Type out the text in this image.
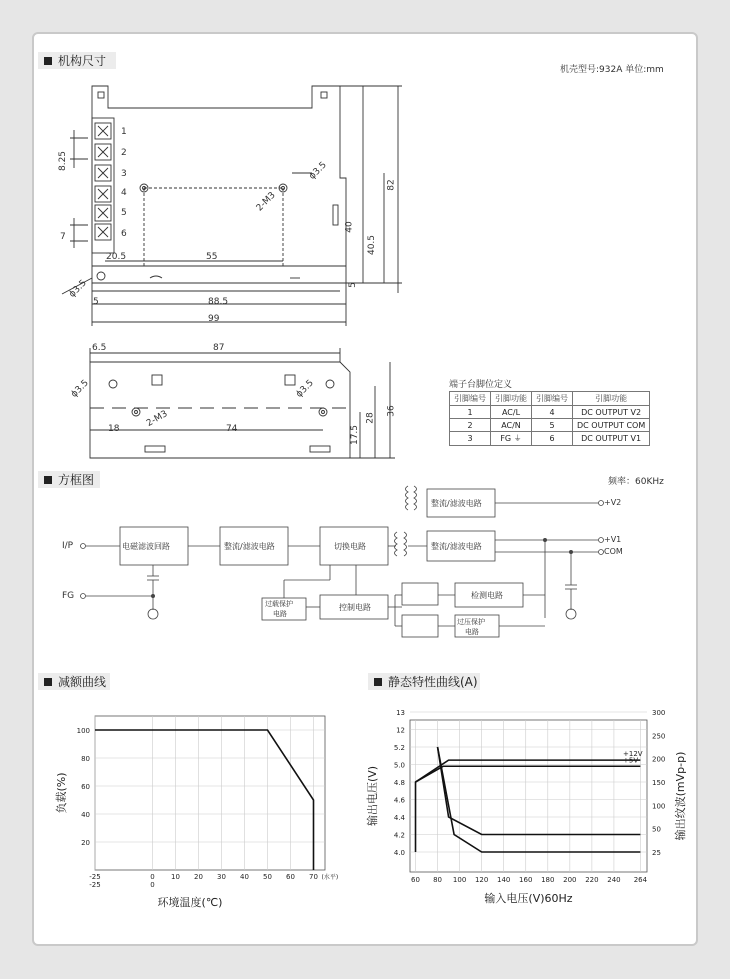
机构尺寸
方框图
减额曲线	静态特性曲线(A)
机壳型号:932A 单位:mm
频率：60KHz
1
2
3
4
5
6
8.25
7
20.5	55
ϕ3.5
2-M3
ϕ3.5
5	88.5
99
82
40
40.5
5
6.5	87
ϕ3.5	ϕ3.5
2-M3
18	74	17.5
28
36
端子台脚位定义
引脚编号	引脚功能	引脚编号	引脚功能
1	AC/L	4	DC OUTPUT V2
2	AC/N	5	DC OUTPUT COM
3	FG ⏚	6	DC OUTPUT V1
I/P
FG
电磁滤波回路	整流/滤波电路	切换电路
整流/滤波电路
整流/滤波电路
控制电路
过载保护
电路
检测电路
过压保护
电路
+V2
+V1
COM
-25	0 10 20 30 40 50 60 70
-25	0
(水平)
20
40
60
80
100
环境温度(℃)
负载(%)
60 80 100 120 140 160 180 200 220 240 264
4.0
4.2
4.4
4.6
4.8
5.0
5.2
12
13
25
50
100
150
200
250
300
+12V
+5V
输入电压(V)60Hz
输出电压(V)	输出纹波(mVp-p)
